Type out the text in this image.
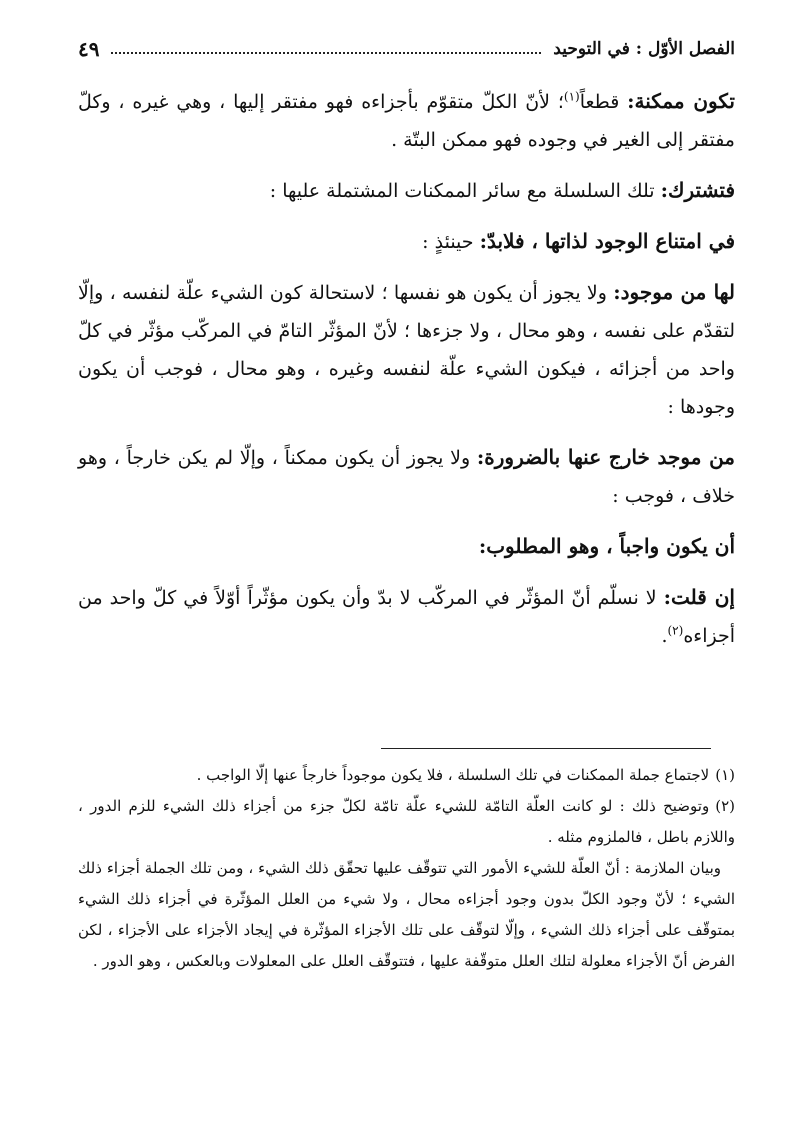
الفصل الأوّل : في التوحيد
٤٩

تكون ممكنة: قطعاً$^{(١)}$؛ لأنّ الكلّ متقوّم بأجزاءه فهو مفتقر إليها ، وهي غيره ، وكلّ مفتقر إلى الغير في وجوده فهو ممكن البتّة .

فتشترك: تلك السلسلة مع سائر الممكنات المشتملة عليها :

في امتناع الوجود لذاتها ، فلابدّ: حينئذٍ :

لها من موجود: ولا يجوز أن يكون هو نفسها ؛ لاستحالة كون الشيء علّة لنفسه ، وإلّا لتقدّم على نفسه ، وهو محال ، ولا جزءها ؛ لأنّ المؤثّر التامّ في المركّب مؤثّر في كلّ واحد من أجزائه ، فيكون الشيء علّة لنفسه وغيره ، وهو محال ، فوجب أن يكون وجودها :

من موجد خارج عنها بالضرورة: ولا يجوز أن يكون ممكناً ، وإلّا لم يكن خارجاً ، وهو خلاف ، فوجب :

أن يكون واجباً ، وهو المطلوب:

إن قلت: لا نسلّم أنّ المؤثّر في المركّب لا بدّ وأن يكون مؤثّراً أوّلاً في كلّ واحد من أجزاءه$^{(٢)}$.

(١)لاجتماع جملة الممكنات في تلك السلسلة ، فلا يكون موجوداً خارجاً عنها إلّا الواجب .
(٢)وتوضيح ذلك : لو كانت العلّة التامّة للشيء علّة تامّة لكلّ جزء من أجزاء ذلك الشيء للزم الدور ، واللازم باطل ، فالملزوم مثله .
وبيان الملازمة : أنّ العلّة للشيء الأمور التي تتوقّف عليها تحقّق ذلك الشيء ، ومن تلك الجملة أجزاء ذلك الشيء ؛ لأنّ وجود الكلّ بدون وجود أجزاءه محال ، ولا شيء من العلل المؤثّرة في أجزاء ذلك الشيء بمتوقّف على أجزاء ذلك الشيء ، وإلّا لتوقّف على تلك الأجزاء المؤثّرة في إيجاد الأجزاء على الأجزاء ، لكن الفرض أنّ الأجزاء معلولة لتلك العلل متوقّفة عليها ، فتتوقّف العلل على المعلولات وبالعكس ، وهو الدور .
